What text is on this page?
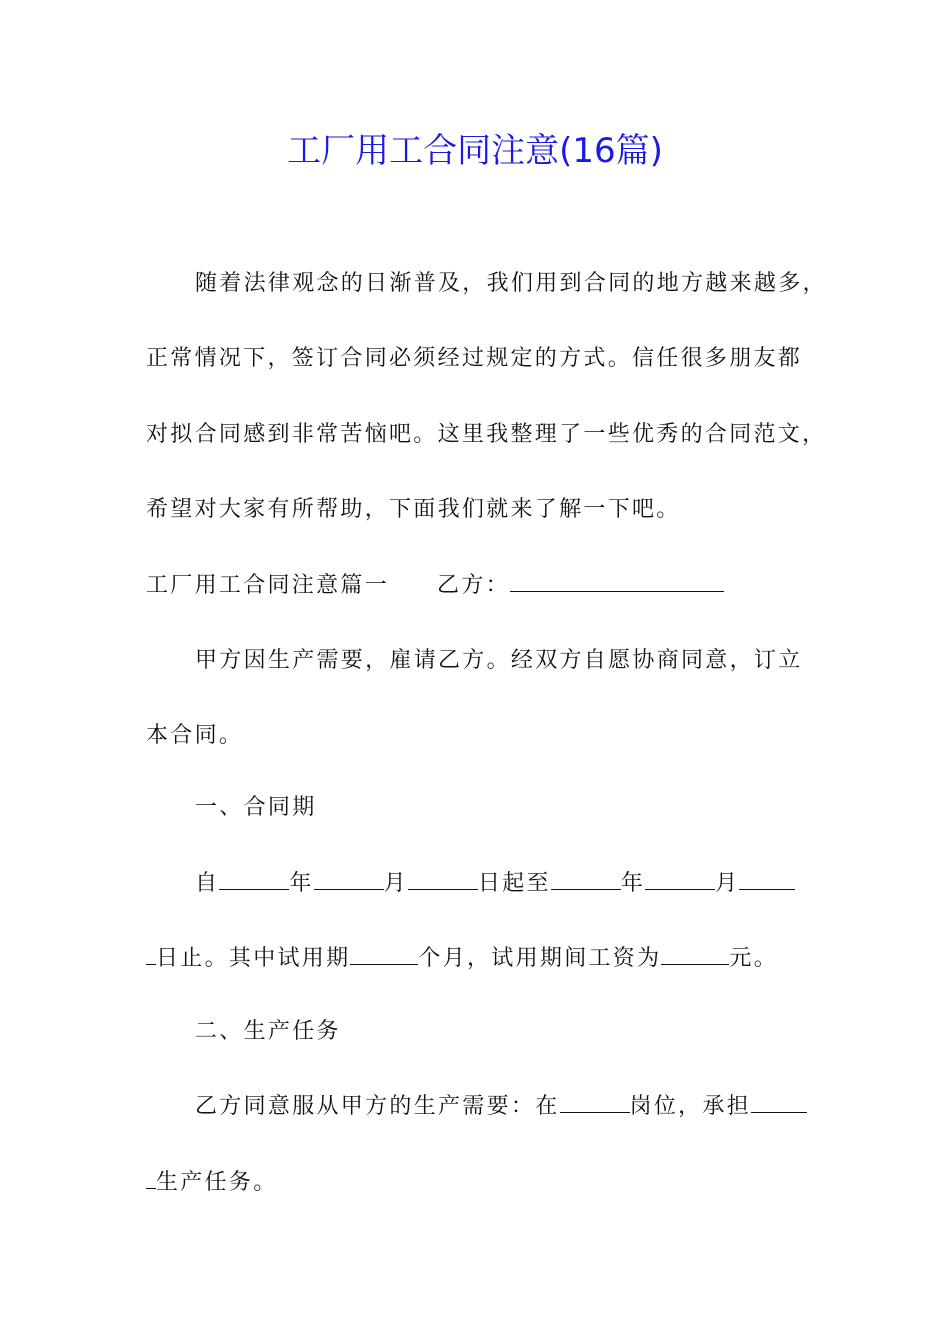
工厂用工合同注意(16篇)
随着法律观念的日渐普及，我们用到合同的地方越来越多，
正常情况下，签订合同必须经过规定的方式。信任很多朋友都
对拟合同感到非常苦恼吧。这里我整理了一些优秀的合同范文，
希望对大家有所帮助，下面我们就来了解一下吧。
工厂用工合同注意篇一 乙方：
甲方因生产需要，雇请乙方。经双方自愿协商同意，订立
本合同。
一、合同期
自	年	月	日起至	年	月
日止。其中试用期	个月，试用期间工资为	元。
二、生产任务
乙方同意服从甲方的生产需要：在	岗位，承担
生产任务。
